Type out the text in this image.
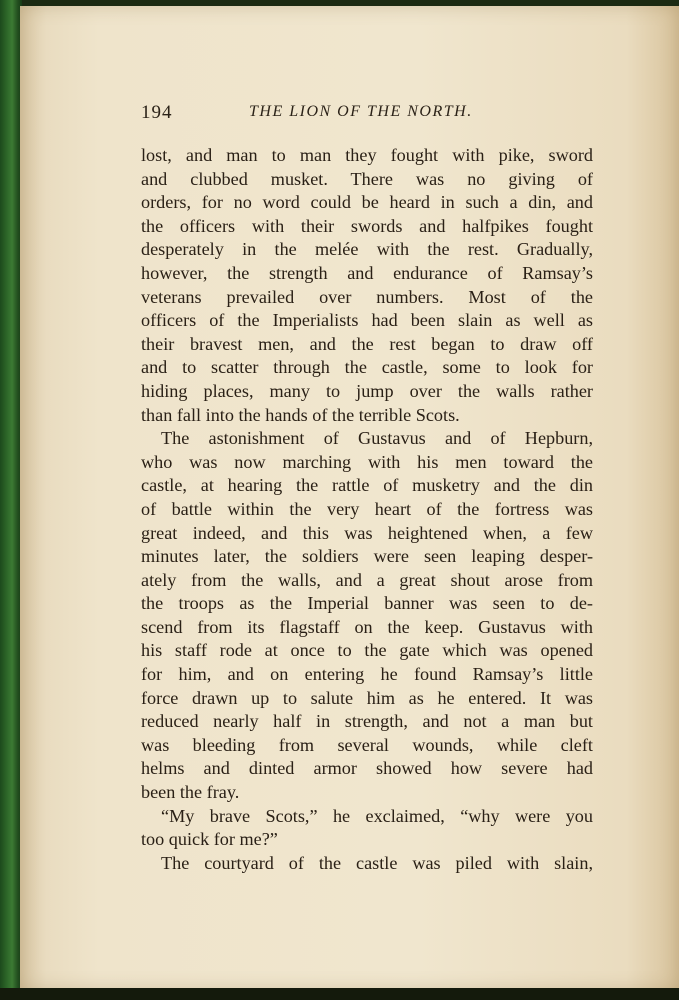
194	THE LION OF THE NORTH.
lost, and man to man they fought with pike, sword
and clubbed musket. There was no giving of
orders, for no word could be heard in such a din, and
the officers with their swords and halfpikes fought
desperately in the melée with the rest. Gradually,
however, the strength and endurance of Ramsay’s
veterans prevailed over numbers. Most of the
officers of the Imperialists had been slain as well as
their bravest men, and the rest began to draw off
and to scatter through the castle, some to look for
hiding places, many to jump over the walls rather
than fall into the hands of the terrible Scots.
The astonishment of Gustavus and of Hepburn,
who was now marching with his men toward the
castle, at hearing the rattle of musketry and the din
of battle within the very heart of the fortress was
great indeed, and this was heightened when, a few
minutes later, the soldiers were seen leaping desper-
ately from the walls, and a great shout arose from
the troops as the Imperial banner was seen to de-
scend from its flagstaff on the keep. Gustavus with
his staff rode at once to the gate which was opened
for him, and on entering he found Ramsay’s little
force drawn up to salute him as he entered. It was
reduced nearly half in strength, and not a man but
was bleeding from several wounds, while cleft
helms and dinted armor showed how severe had
been the fray.
“My brave Scots,” he exclaimed, “why were you
too quick for me?”
The courtyard of the castle was piled with slain,
